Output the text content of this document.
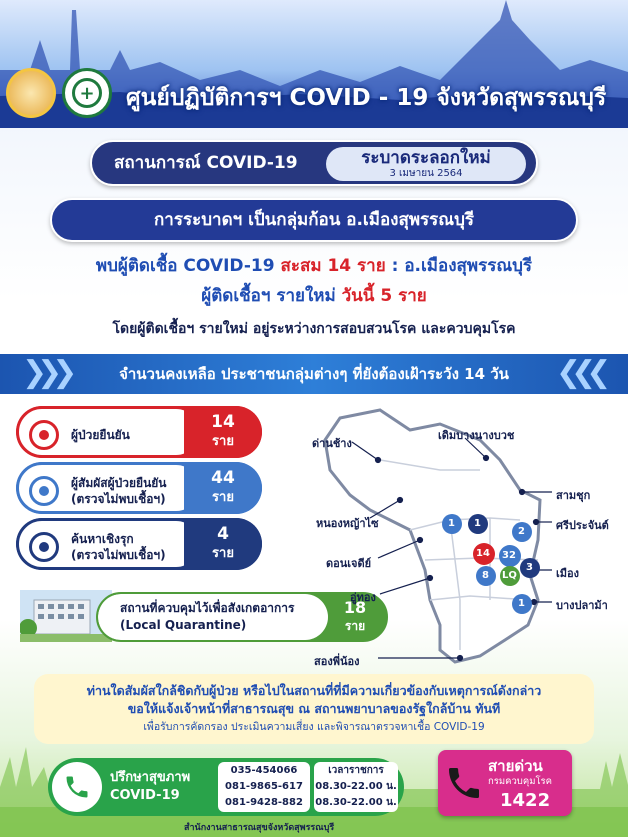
+	ศูนย์ปฏิบัติการฯ COVID - 19 จังหวัดสุพรรณบุรี
สถานการณ์ COVID-19	ระบาดระลอกใหม่
3 เมษายน 2564
การระบาดฯ เป็นกลุ่มก้อน อ.เมืองสุพรรณบุรี
พบผู้ติดเชื้อ COVID-19 สะสม 14 ราย : อ.เมืองสุพรรณบุรี
ผู้ติดเชื้อฯ รายใหม่ วันนี้ 5 ราย
โดยผู้ติดเชื้อฯ รายใหม่ อยู่ระหว่างการสอบสวนโรค และควบคุมโรค
❯❯❯	จำนวนคงเหลือ ประชาชนกลุ่มต่างๆ ที่ยังต้องเฝ้าระวัง 14 วัน	❮❮❮
ผู้ป่วยยืนยัน
14
ราย
ผู้สัมผัสผู้ป่วยยืนยัน
(ตรวจไม่พบเชื้อฯ)
44
ราย
ค้นหาเชิงรุก
(ตรวจไม่พบเชื้อฯ)
4
ราย
สถานที่ควบคุมไว้เพื่อสังเกตอาการ
(Local Quarantine)
18
ราย
ด่านช้าง
เดิมบางนางบวช
สามชุก
ศรีประจันต์
หนองหญ้าไซ
ดอนเจดีย์
เมือง
อู่ทอง
บางปลาม้า
สองพี่น้อง
1 1
2
14 32
3
8 LQ
1
ท่านใดสัมผัสใกล้ชิดกับผู้ป่วย หรือไปในสถานที่ที่มีความเกี่ยวข้องกับเหตุการณ์ดังกล่าว
ขอให้แจ้งเจ้าหน้าที่สาธารณสุข ณ สถานพยาบาลของรัฐใกล้บ้าน ทันที
เพื่อรับการคัดกรอง ประเมินความเสี่ยง และพิจารณาตรวจหาเชื้อ COVID-19
ปรึกษาสุขภาพ
COVID-19
035-454066
081-9865-617
081-9428-882
เวลาราชการ
08.30-22.00 น.
08.30-22.00 น.
สำนักงานสาธารณสุขจังหวัดสุพรรณบุรี
สายด่วน
กรมควบคุมโรค
1422
